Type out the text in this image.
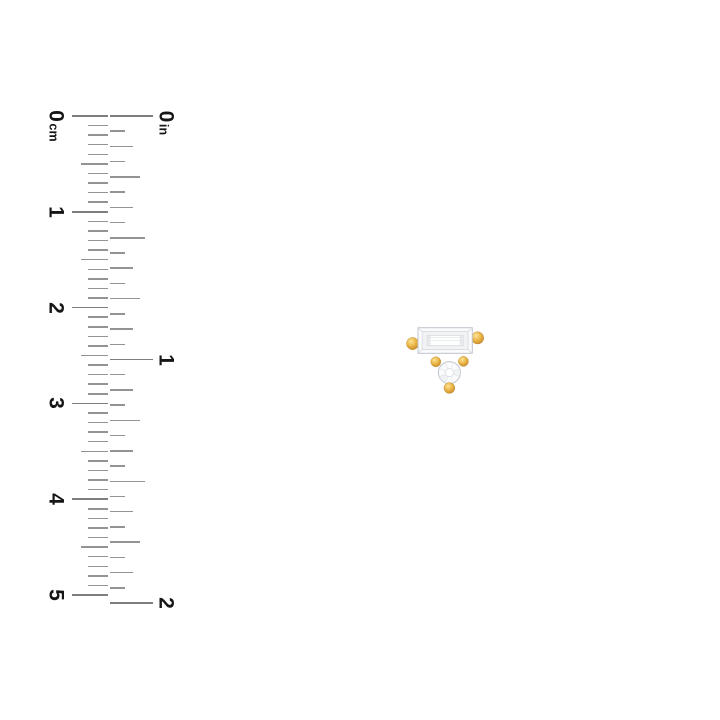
0
cm
1
2
3
4
5
0
in
1
2
